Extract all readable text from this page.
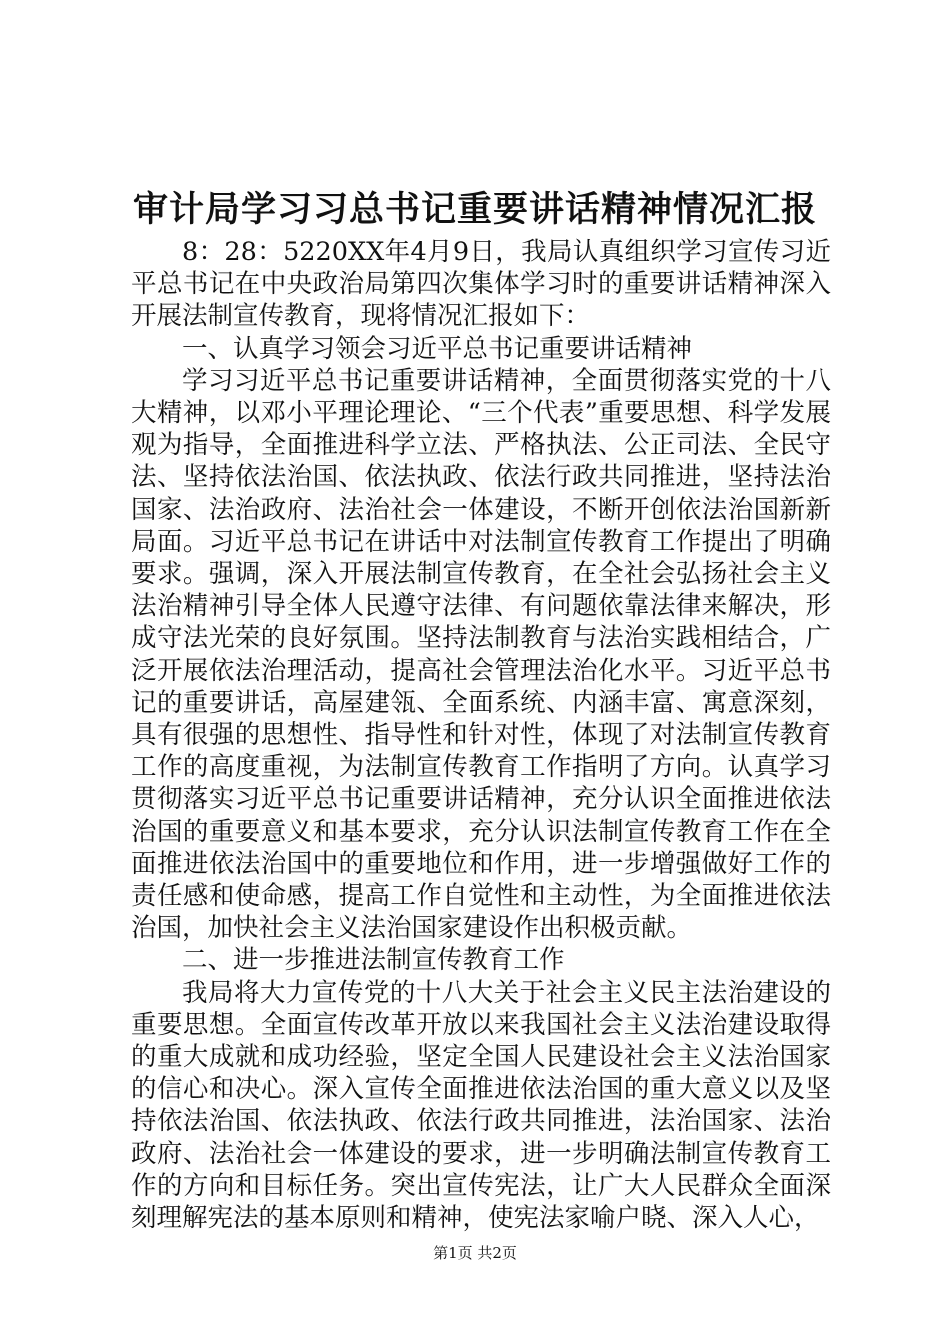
审计局学习习总书记重要讲话精神情况汇报

8：28：5220XX年4月9日，我局认真组织学习宣传习近平总书记在中央政治局第四次集体学习时的重要讲话精神深入开展法制宣传教育，现将情况汇报如下：

一、认真学习领会习近平总书记重要讲话精神

学习习近平总书记重要讲话精神，全面贯彻落实党的十八大精神，以邓小平理论理论、“三个代表”重要思想、科学发展观为指导，全面推进科学立法、严格执法、公正司法、全民守法、坚持依法治国、依法执政、依法行政共同推进，坚持法治国家、法治政府、法治社会一体建设，不断开创依法治国新新局面。习近平总书记在讲话中对法制宣传教育工作提出了明确要求。强调，深入开展法制宣传教育，在全社会弘扬社会主义法治精神引导全体人民遵守法律、有问题依靠法律来解决，形成守法光荣的良好氛围。坚持法制教育与法治实践相结合，广泛开展依法治理活动，提高社会管理法治化水平。习近平总书记的重要讲话，高屋建瓴、全面系统、内涵丰富、寓意深刻，具有很强的思想性、指导性和针对性，体现了对法制宣传教育工作的高度重视，为法制宣传教育工作指明了方向。认真学习贯彻落实习近平总书记重要讲话精神，充分认识全面推进依法治国的重要意义和基本要求，充分认识法制宣传教育工作在全面推进依法治国中的重要地位和作用，进一步增强做好工作的责任感和使命感，提高工作自觉性和主动性，为全面推进依法治国，加快社会主义法治国家建设作出积极贡献。

二、进一步推进法制宣传教育工作

我局将大力宣传党的十八大关于社会主义民主法治建设的重要思想。全面宣传改革开放以来我国社会主义法治建设取得的重大成就和成功经验，坚定全国人民建设社会主义法治国家的信心和决心。深入宣传全面推进依法治国的重大意义以及坚持依法治国、依法执政、依法行政共同推进，法治国家、法治政府、法治社会一体建设的要求，进一步明确法制宣传教育工作的方向和目标任务。突出宣传宪法，让广大人民群众全面深刻理解宪法的基本原则和精神，使宪法家喻户晓、深入人心，

第1页 共2页
